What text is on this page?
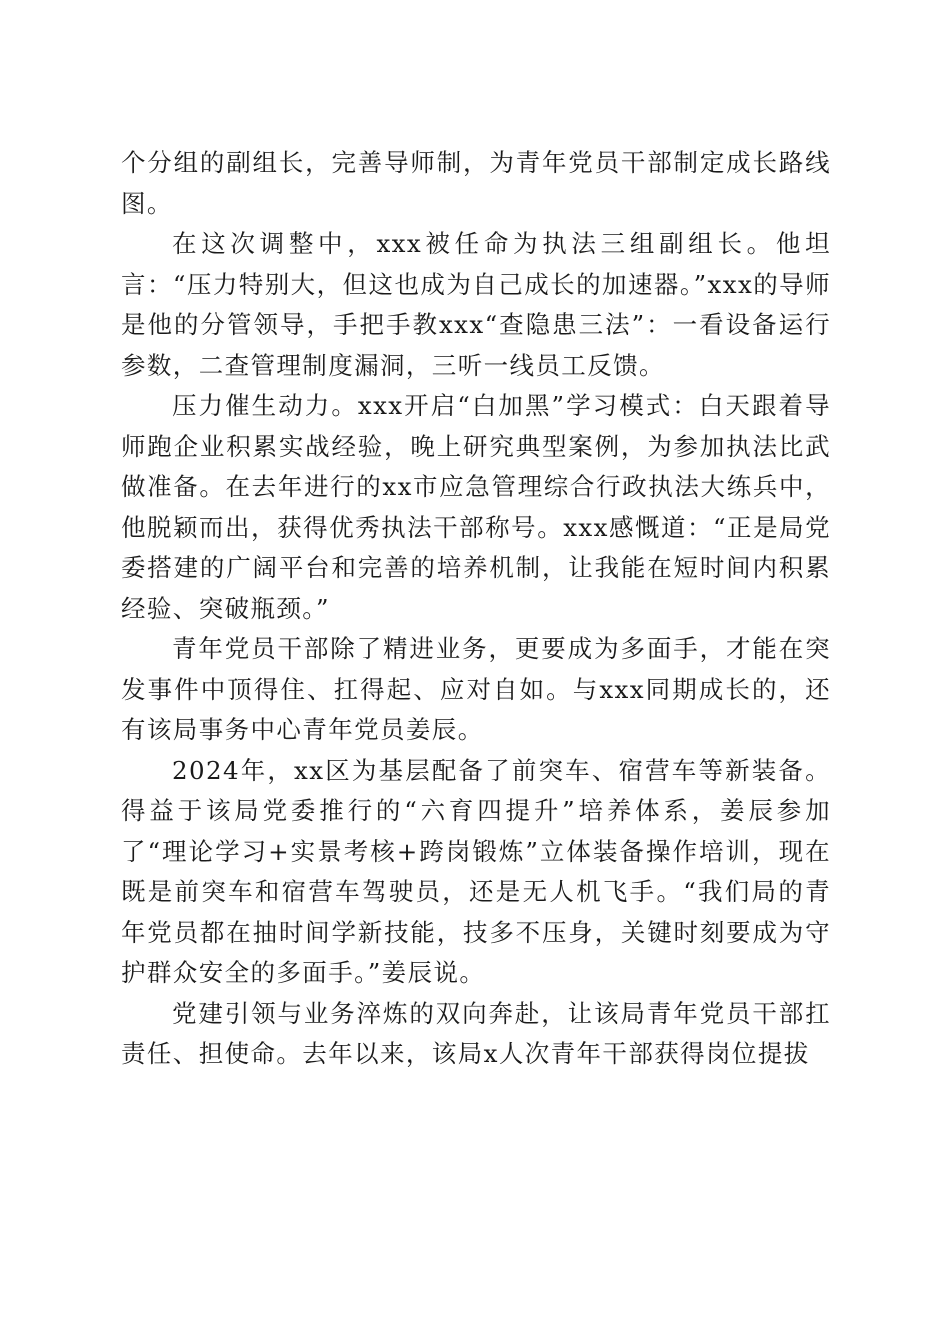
个分组的副组长，完善导师制，为青年党员干部制定成长路线图。

在这次调整中，xxx被任命为执法三组副组长。他坦言：“压力特别大，但这也成为自己成长的加速器。”xxx的导师是他的分管领导，手把手教xxx“查隐患三法”：一看设备运行参数，二查管理制度漏洞，三听一线员工反馈。

压力催生动力。xxx开启“白加黑”学习模式：白天跟着导师跑企业积累实战经验，晚上研究典型案例，为参加执法比武做准备。在去年进行的xx市应急管理综合行政执法大练兵中，他脱颖而出，获得优秀执法干部称号。xxx感慨道：“正是局党委搭建的广阔平台和完善的培养机制，让我能在短时间内积累经验、突破瓶颈。”

青年党员干部除了精进业务，更要成为多面手，才能在突发事件中顶得住、扛得起、应对自如。与xxx同期成长的，还有该局事务中心青年党员姜辰。

2024年，xx区为基层配备了前突车、宿营车等新装备。得益于该局党委推行的“六育四提升”培养体系，姜辰参加了“理论学习+实景考核+跨岗锻炼”立体装备操作培训，现在既是前突车和宿营车驾驶员，还是无人机飞手。“我们局的青年党员都在抽时间学新技能，技多不压身，关键时刻要成为守护群众安全的多面手。”姜辰说。

党建引领与业务淬炼的双向奔赴，让该局青年党员干部扛责任、担使命。去年以来，该局x人次青年干部获得岗位提拔
